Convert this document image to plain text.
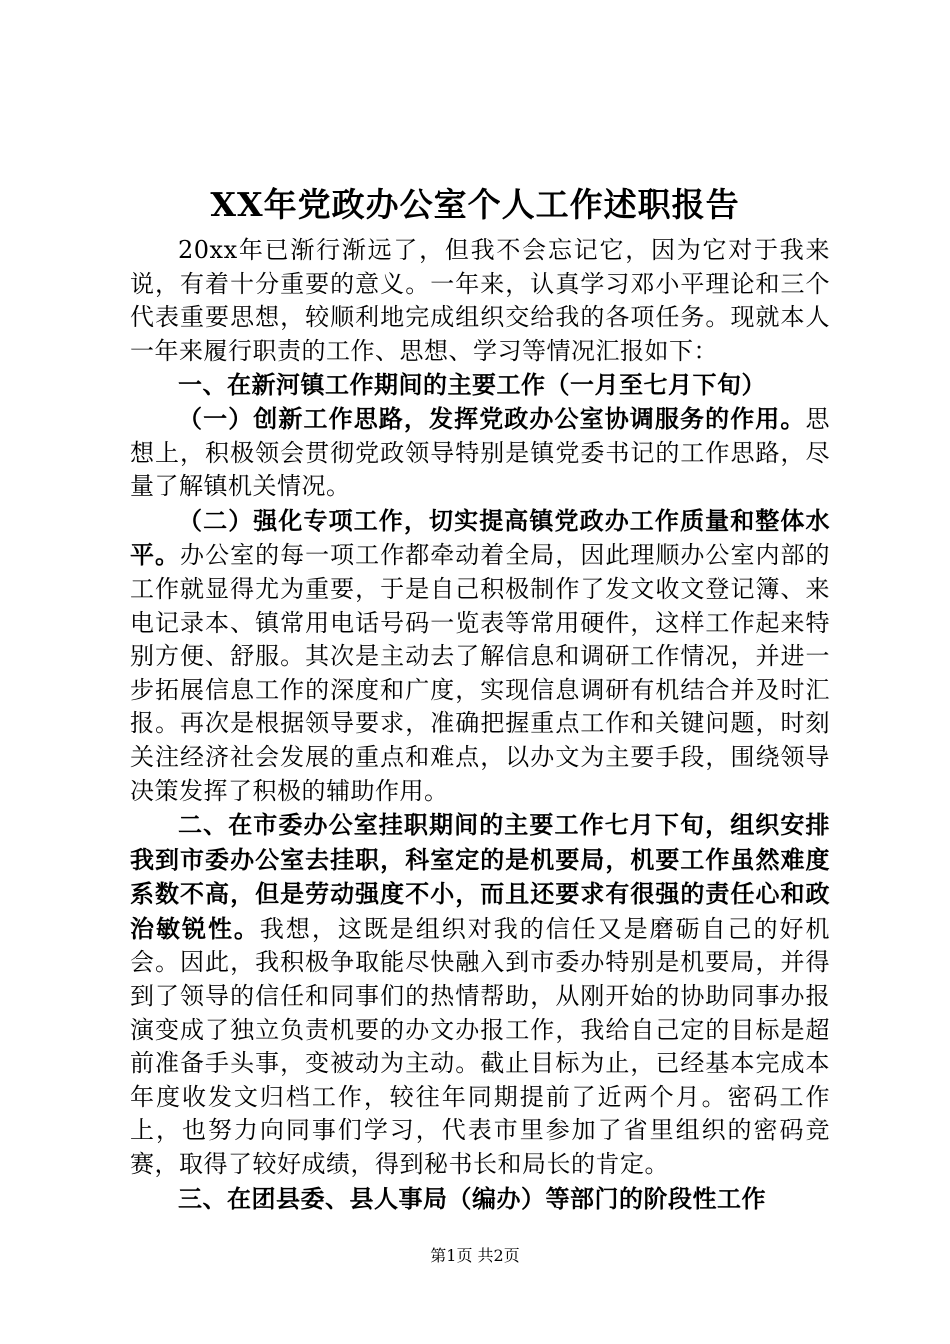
XX年党政办公室个人工作述职报告

20xx年已渐行渐远了，但我不会忘记它，因为它对于我来说，有着十分重要的意义。一年来，认真学习邓小平理论和三个代表重要思想，较顺利地完成组织交给我的各项任务。现就本人一年来履行职责的工作、思想、学习等情况汇报如下：

一、在新河镇工作期间的主要工作（一月至七月下旬）

（一）创新工作思路，发挥党政办公室协调服务的作用。思想上，积极领会贯彻党政领导特别是镇党委书记的工作思路，尽量了解镇机关情况。

（二）强化专项工作，切实提高镇党政办工作质量和整体水平。办公室的每一项工作都牵动着全局，因此理顺办公室内部的工作就显得尤为重要，于是自己积极制作了发文收文登记簿、来电记录本、镇常用电话号码一览表等常用硬件，这样工作起来特别方便、舒服。其次是主动去了解信息和调研工作情况，并进一步拓展信息工作的深度和广度，实现信息调研有机结合并及时汇报。再次是根据领导要求，准确把握重点工作和关键问题，时刻关注经济社会发展的重点和难点，以办文为主要手段，围绕领导决策发挥了积极的辅助作用。

二、在市委办公室挂职期间的主要工作七月下旬，组织安排我到市委办公室去挂职，科室定的是机要局，机要工作虽然难度系数不高，但是劳动强度不小，而且还要求有很强的责任心和政治敏锐性。我想，这既是组织对我的信任又是磨砺自己的好机会。因此，我积极争取能尽快融入到市委办特别是机要局，并得到了领导的信任和同事们的热情帮助，从刚开始的协助同事办报演变成了独立负责机要的办文办报工作，我给自己定的目标是超前准备手头事，变被动为主动。截止目标为止，已经基本完成本年度收发文归档工作，较往年同期提前了近两个月。密码工作上，也努力向同事们学习，代表市里参加了省里组织的密码竞赛，取得了较好成绩，得到秘书长和局长的肯定。

三、在团县委、县人事局（编办）等部门的阶段性工作

第1页 共2页
